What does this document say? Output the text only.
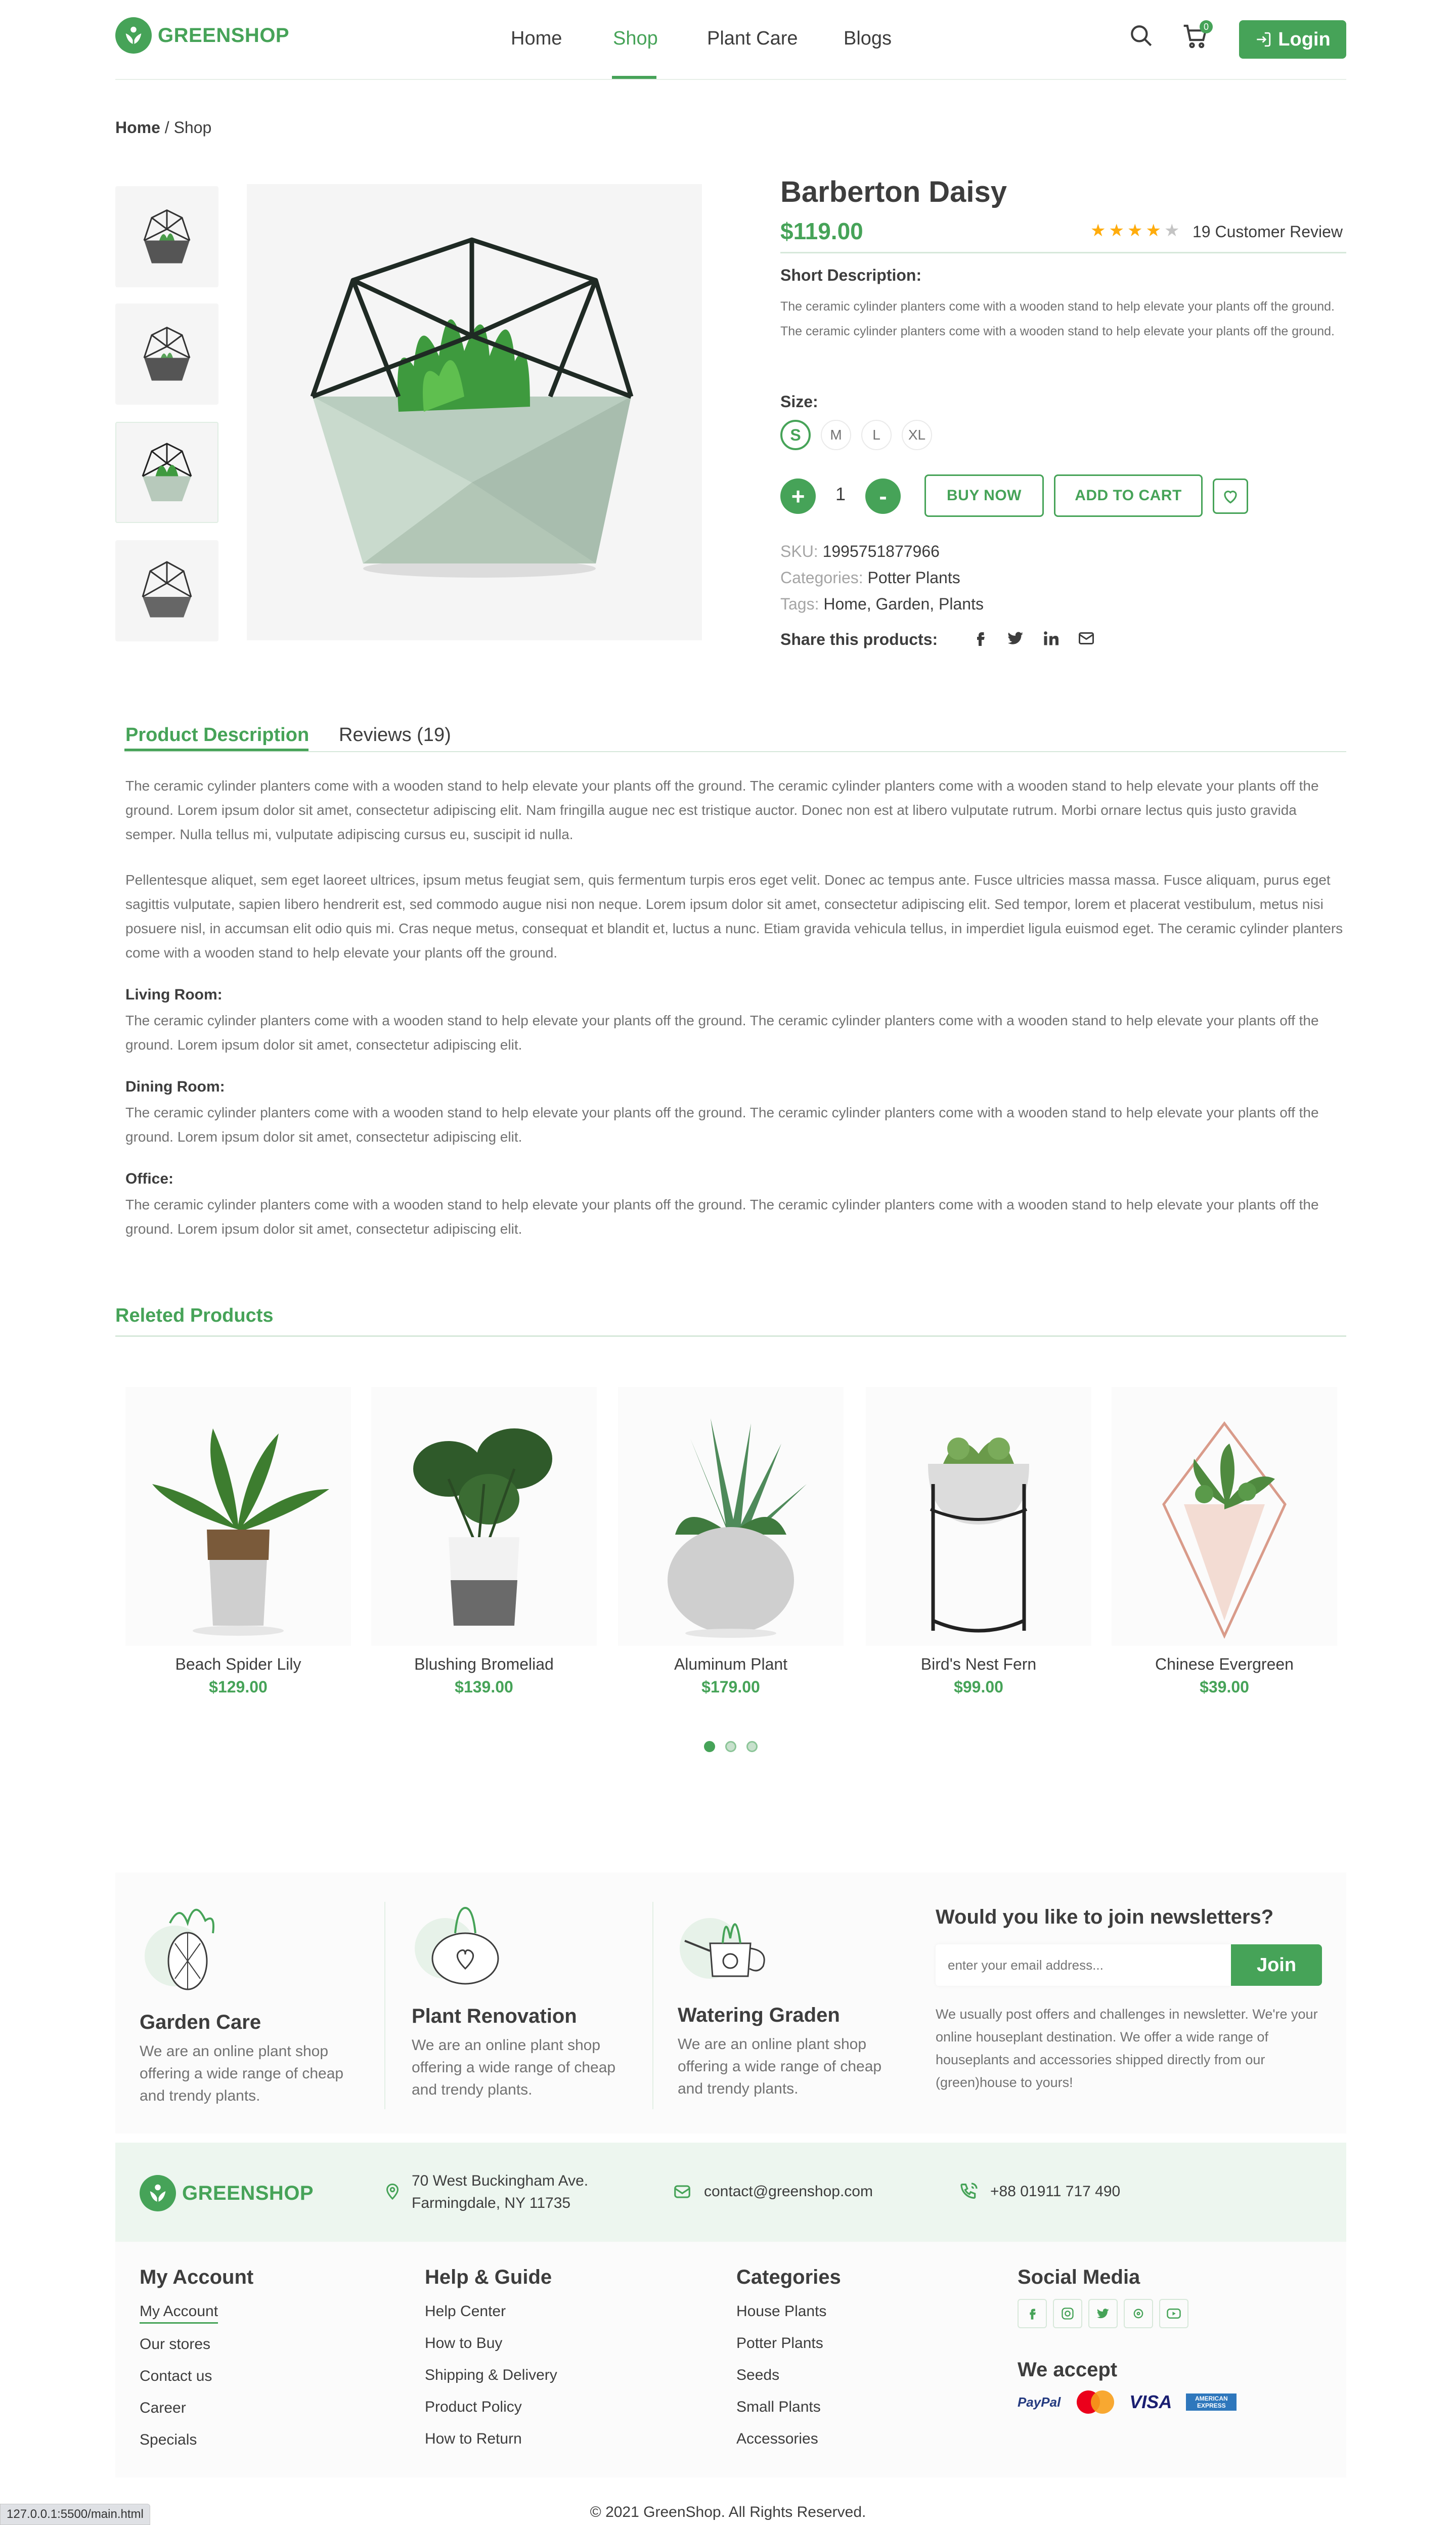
GREENSHOP	Home	Shop	Plant Care Blogs
0
Login
Home / Shop
Barberton Daisy
$119.00	★ ★ ★ ★ ★ 19 Customer Review
Short Description:
The ceramic cylinder planters come with a wooden stand to help elevate your plants off the ground. The ceramic cylinder planters come with a wooden stand to help elevate your plants off the ground.
Size:
S	M	L	XL
+	1	-	BUY NOW	ADD TO CART
SKU: 1995751877966
Categories: Potter Plants
Tags: Home, Garden, Plants
Share this products:
Product Description Reviews (19)
The ceramic cylinder planters come with a wooden stand to help elevate your plants off the ground. The ceramic cylinder planters come with a wooden stand to help elevate your plants off the ground. Lorem ipsum dolor sit amet, consectetur adipiscing elit. Nam fringilla augue nec est tristique auctor. Donec non est at libero vulputate rutrum. Morbi ornare lectus quis justo gravida semper. Nulla tellus mi, vulputate adipiscing cursus eu, suscipit id nulla.
Pellentesque aliquet, sem eget laoreet ultrices, ipsum metus feugiat sem, quis fermentum turpis eros eget velit. Donec ac tempus ante. Fusce ultricies massa massa. Fusce aliquam, purus eget sagittis vulputate, sapien libero hendrerit est, sed commodo augue nisi non neque. Lorem ipsum dolor sit amet, consectetur adipiscing elit. Sed tempor, lorem et placerat vestibulum, metus nisi posuere nisl, in accumsan elit odio quis mi. Cras neque metus, consequat et blandit et, luctus a nunc. Etiam gravida vehicula tellus, in imperdiet ligula euismod eget. The ceramic cylinder planters come with a wooden stand to help elevate your plants off the ground.
Living Room:
The ceramic cylinder planters come with a wooden stand to help elevate your plants off the ground. The ceramic cylinder planters come with a wooden stand to help elevate your plants off the ground. Lorem ipsum dolor sit amet, consectetur adipiscing elit.
Dining Room:
The ceramic cylinder planters come with a wooden stand to help elevate your plants off the ground. The ceramic cylinder planters come with a wooden stand to help elevate your plants off the ground. Lorem ipsum dolor sit amet, consectetur adipiscing elit.
Office:
The ceramic cylinder planters come with a wooden stand to help elevate your plants off the ground. The ceramic cylinder planters come with a wooden stand to help elevate your plants off the ground. Lorem ipsum dolor sit amet, consectetur adipiscing elit.
Releted Products
Beach Spider Lily
$129.00
Blushing Bromeliad
$139.00
Aluminum Plant
$179.00
Bird's Nest Fern
$99.00
Chinese Evergreen
$39.00
Garden Care
We are an online plant shop offering a wide range of cheap and trendy plants.
Plant Renovation
We are an online plant shop offering a wide range of cheap and trendy plants.
Watering Graden
We are an online plant shop offering a wide range of cheap and trendy plants.
Would you like to join newsletters?
enter your email address...
Join
We usually post offers and challenges in newsletter. We're your online houseplant destination. We offer a wide range of houseplants and accessories shipped directly from our (green)house to yours!
GREENSHOP
70 West Buckingham Ave.
Farmingdale, NY 11735
contact@greenshop.com	+88 01911 717 490
My Account
My Account
Our stores
Contact us
Career
Specials
Help & Guide
Help Center
How to Buy
Shipping & Delivery
Product Policy
How to Return
Categories
House Plants
Potter Plants
Seeds
Small Plants
Accessories
Social Media
We accept
PayPal	VISA	AMERICAN EXPRESS
© 2021 GreenShop. All Rights Reserved.
127.0.0.1:5500/main.html
